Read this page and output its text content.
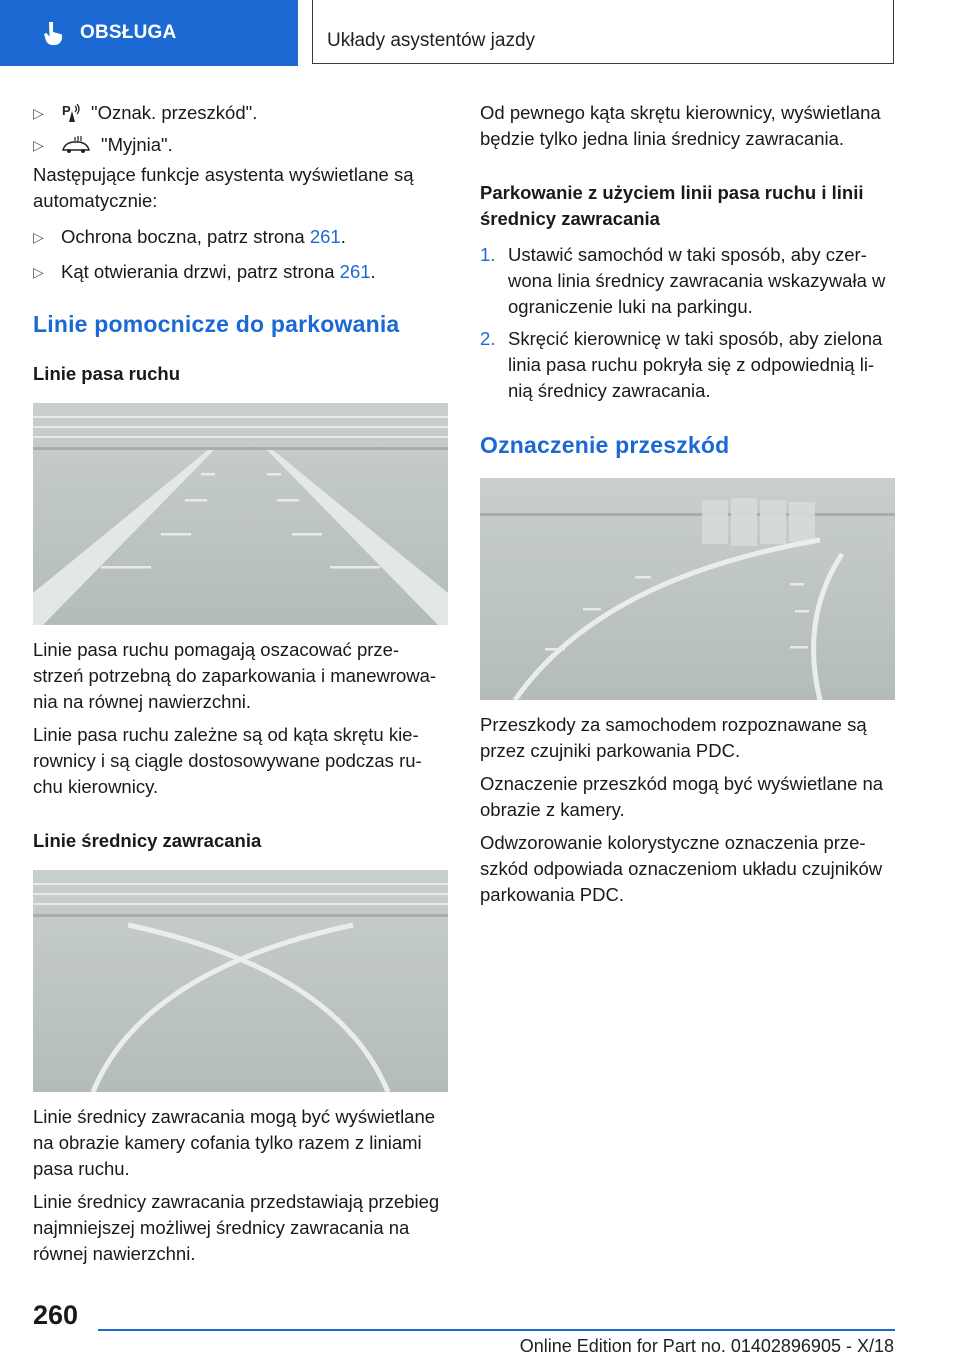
OBSŁUGA	Układy asystentów jazdy
▷	P "Oznak. przeszkód".
▷	"Myjnia".

Następujące funkcje asystenta wyświetlane są automatycznie:

▷ Ochrona boczna, patrz strona 261.
▷ Kąt otwierania drzwi, patrz strona 261.
Linie pomocnicze do parkowania
Linie pasa ruchu

Linie pasa ruchu pomagają oszacować prze-strzeń potrzebną do zaparkowania i manewrowa-nia na równej nawierzchni.

Linie pasa ruchu zależne są od kąta skrętu kie-rownicy i są ciągle dostosowywane podczas ru-chu kierownicy.

Linie średnicy zawracania

Linie średnicy zawracania mogą być wyświetlane na obrazie kamery cofania tylko razem z liniami pasa ruchu.

Linie średnicy zawracania przedstawiają przebieg najmniejszej możliwej średnicy zawracania na równej nawierzchni.

Od pewnego kąta skrętu kierownicy, wyświetlana będzie tylko jedna linia średnicy zawracania.

Parkowanie z użyciem linii pasa ruchu i linii średnicy zawracania
1. Ustawić samochód w taki sposób, aby czer-wona linia średnicy zawracania wskazywała w ograniczenie luki na parkingu.
2. Skręcić kierownicę w taki sposób, aby zielona linia pasa ruchu pokryła się z odpowiednią li-nią średnicy zawracania.
Oznaczenie przeszkód

Przeszkody za samochodem rozpoznawane są przez czujniki parkowania PDC.

Oznaczenie przeszkód mogą być wyświetlane na obrazie z kamery.

Odwzorowanie kolorystyczne oznaczenia prze-szkód odpowiada oznaczeniom układu czujników parkowania PDC.

260
Online Edition for Part no. 01402896905 - X/18
